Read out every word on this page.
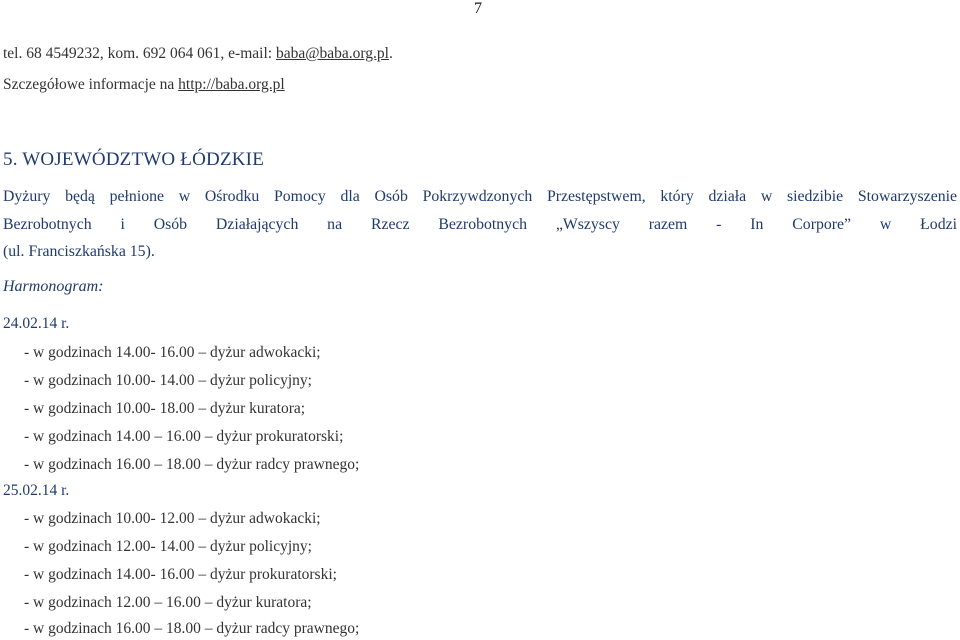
7
tel. 68 4549232, kom. 692 064 061, e-mail: baba@baba.org.pl.
Szczegółowe informacje na http://baba.org.pl
5. WOJEWÓDZTWO ŁÓDZKIE
Dyżury będą pełnione w Ośrodku Pomocy dla Osób Pokrzywdzonych Przestępstwem, który działa w siedzibie Stowarzyszenie
Bezrobotnych i Osób Działających na Rzecz Bezrobotnych „Wszyscy razem - In Corpore” w Łodzi
(ul. Franciszkańska 15).
Harmonogram:
24.02.14 r.
- w godzinach 14.00- 16.00 – dyżur adwokacki;
- w godzinach 10.00- 14.00 – dyżur policyjny;
- w godzinach 10.00- 18.00 – dyżur kuratora;
- w godzinach 14.00 – 16.00 – dyżur prokuratorski;
- w godzinach 16.00 – 18.00 – dyżur radcy prawnego;
25.02.14 r.
- w godzinach 10.00- 12.00 – dyżur adwokacki;
- w godzinach 12.00- 14.00 – dyżur policyjny;
- w godzinach 14.00- 16.00 – dyżur prokuratorski;
- w godzinach 12.00 – 16.00 – dyżur kuratora;
- w godzinach 16.00 – 18.00 – dyżur radcy prawnego;
